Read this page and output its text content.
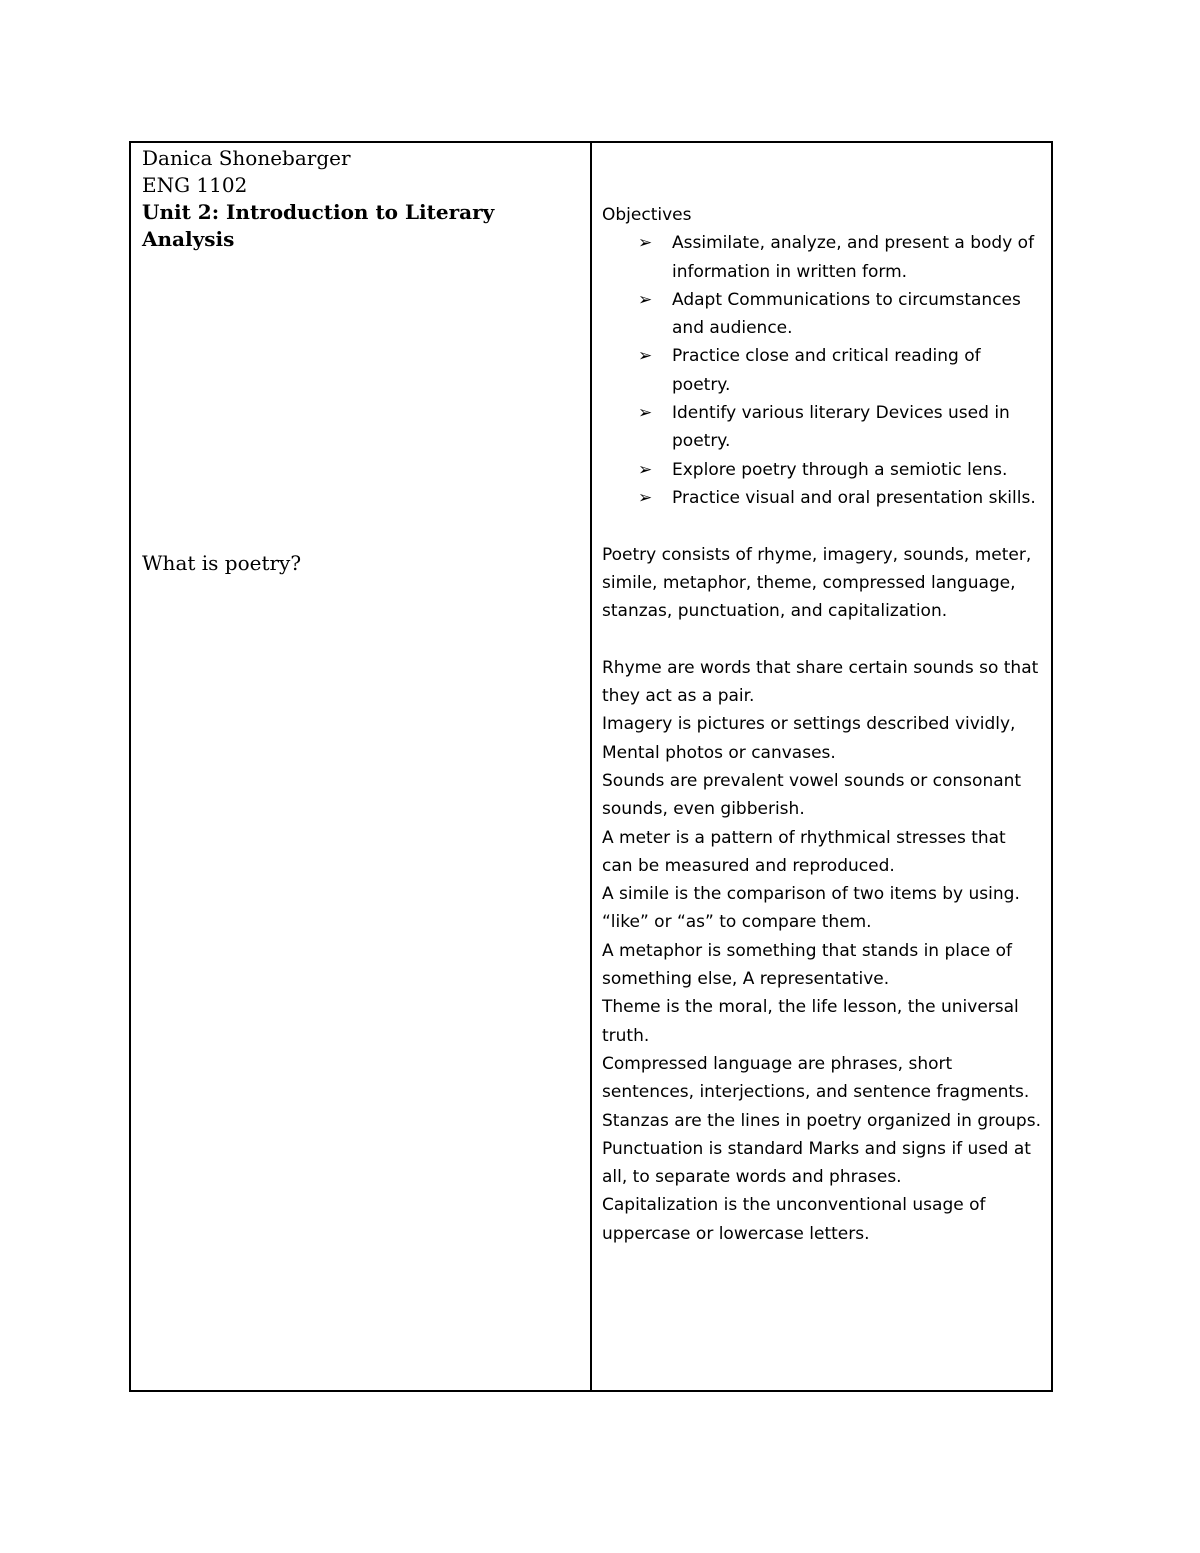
Danica Shonebarger
ENG 1102
Unit 2: Introduction to Literary Analysis
What is poetry?

Objectives

➢ Assimilate, analyze, and present a body of information in written form.
➢ Adapt Communications to circumstances and audience.
➢ Practice close and critical reading of poetry.
➢ Identify various literary Devices used in poetry.
➢ Explore poetry through a semiotic lens.
➢ Practice visual and oral presentation skills.

Poetry consists of rhyme, imagery, sounds, meter, simile, metaphor, theme, compressed language, stanzas, punctuation, and capitalization.

Rhyme are words that share certain sounds so that they act as a pair.

Imagery is pictures or settings described vividly, Mental photos or canvases.

Sounds are prevalent vowel sounds or consonant sounds, even gibberish.

A meter is a pattern of rhythmical stresses that can be measured and reproduced.

A simile is the comparison of two items by using. “like” or “as” to compare them.

A metaphor is something that stands in place of something else, A representative.

Theme is the moral, the life lesson, the universal truth.

Compressed language are phrases, short sentences, interjections, and sentence fragments.

Stanzas are the lines in poetry organized in groups.

Punctuation is standard Marks and signs if used at all, to separate words and phrases.

Capitalization is the unconventional usage of uppercase or lowercase letters.
